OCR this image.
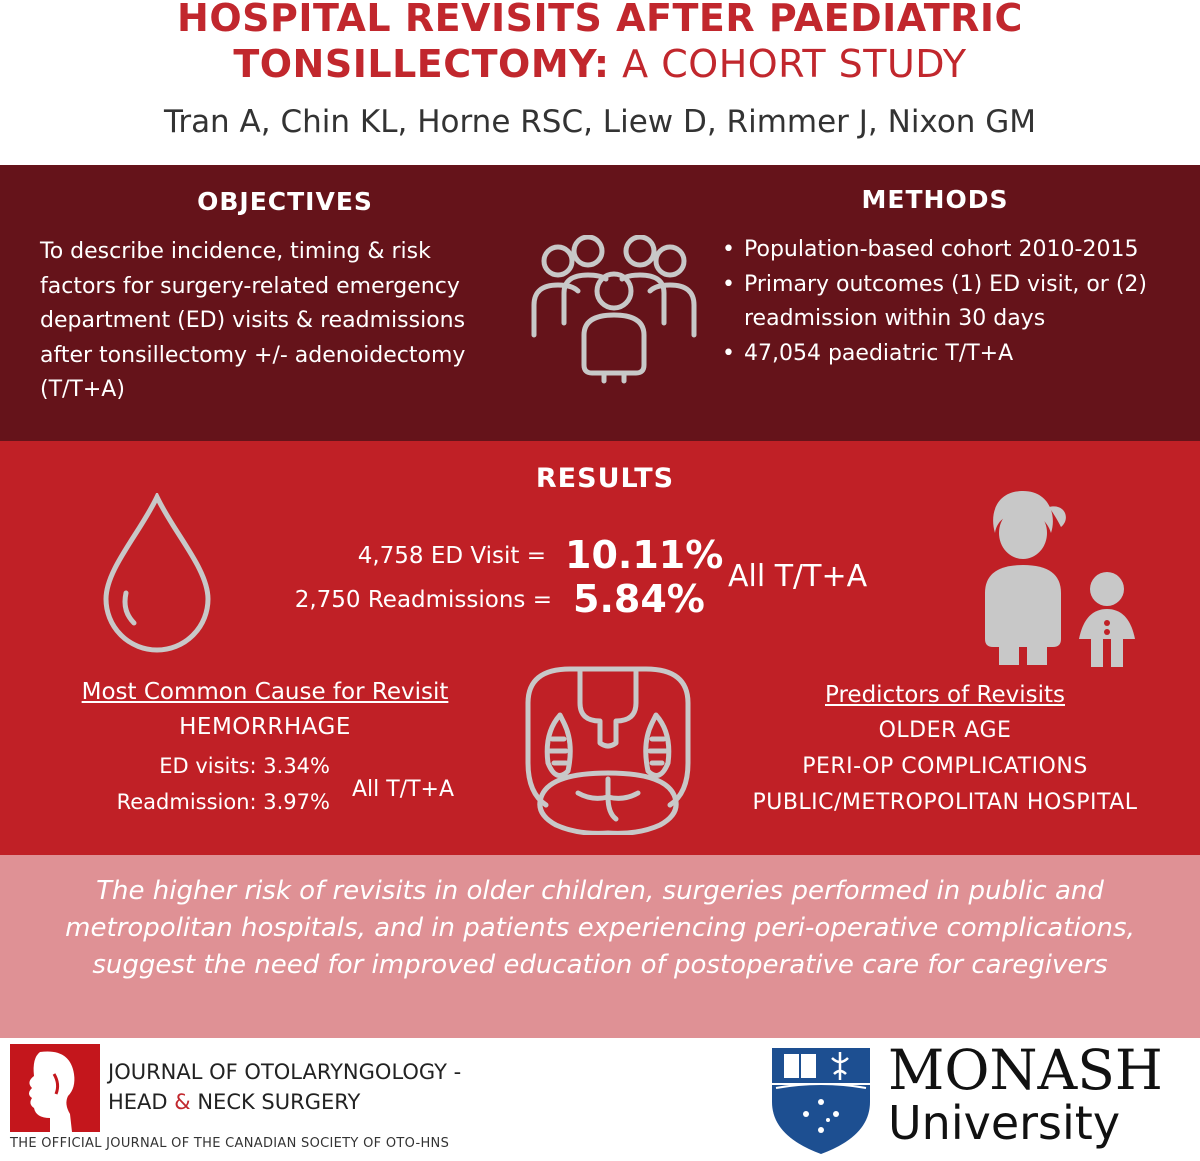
HOSPITAL REVISITS AFTER PAEDIATRIC
TONSILLECTOMY: A COHORT STUDY
Tran A, Chin KL, Horne RSC, Liew D, Rimmer J, Nixon GM
OBJECTIVES
To describe incidence, timing & risk factors for surgery-related emergency department (ED) visits & readmissions after tonsillectomy +/- adenoidectomy (T/T+A)
METHODS
• Population-based cohort 2010-2015
• Primary outcomes (1) ED visit, or (2) readmission within 30 days
• 47,054 paediatric T/T+A
RESULTS
4,758 ED Visit = 10.11%
2,750 Readmissions = 5.84%
All T/T+A
Most Common Cause for Revisit
HEMORRHAGE
ED visits: 3.34%
Readmission: 3.97% All T/T+A
Predictors of Revisits
OLDER AGE
PERI-OP COMPLICATIONS
PUBLIC/METROPOLITAN HOSPITAL
The higher risk of revisits in older children, surgeries performed in public and metropolitan hospitals, and in patients experiencing peri-operative complications, suggest the need for improved education of postoperative care for caregivers
JOURNAL OF OTOLARYNGOLOGY -
HEAD & NECK SURGERY
THE OFFICIAL JOURNAL OF THE CANADIAN SOCIETY OF OTO-HNS
MONASH
University
